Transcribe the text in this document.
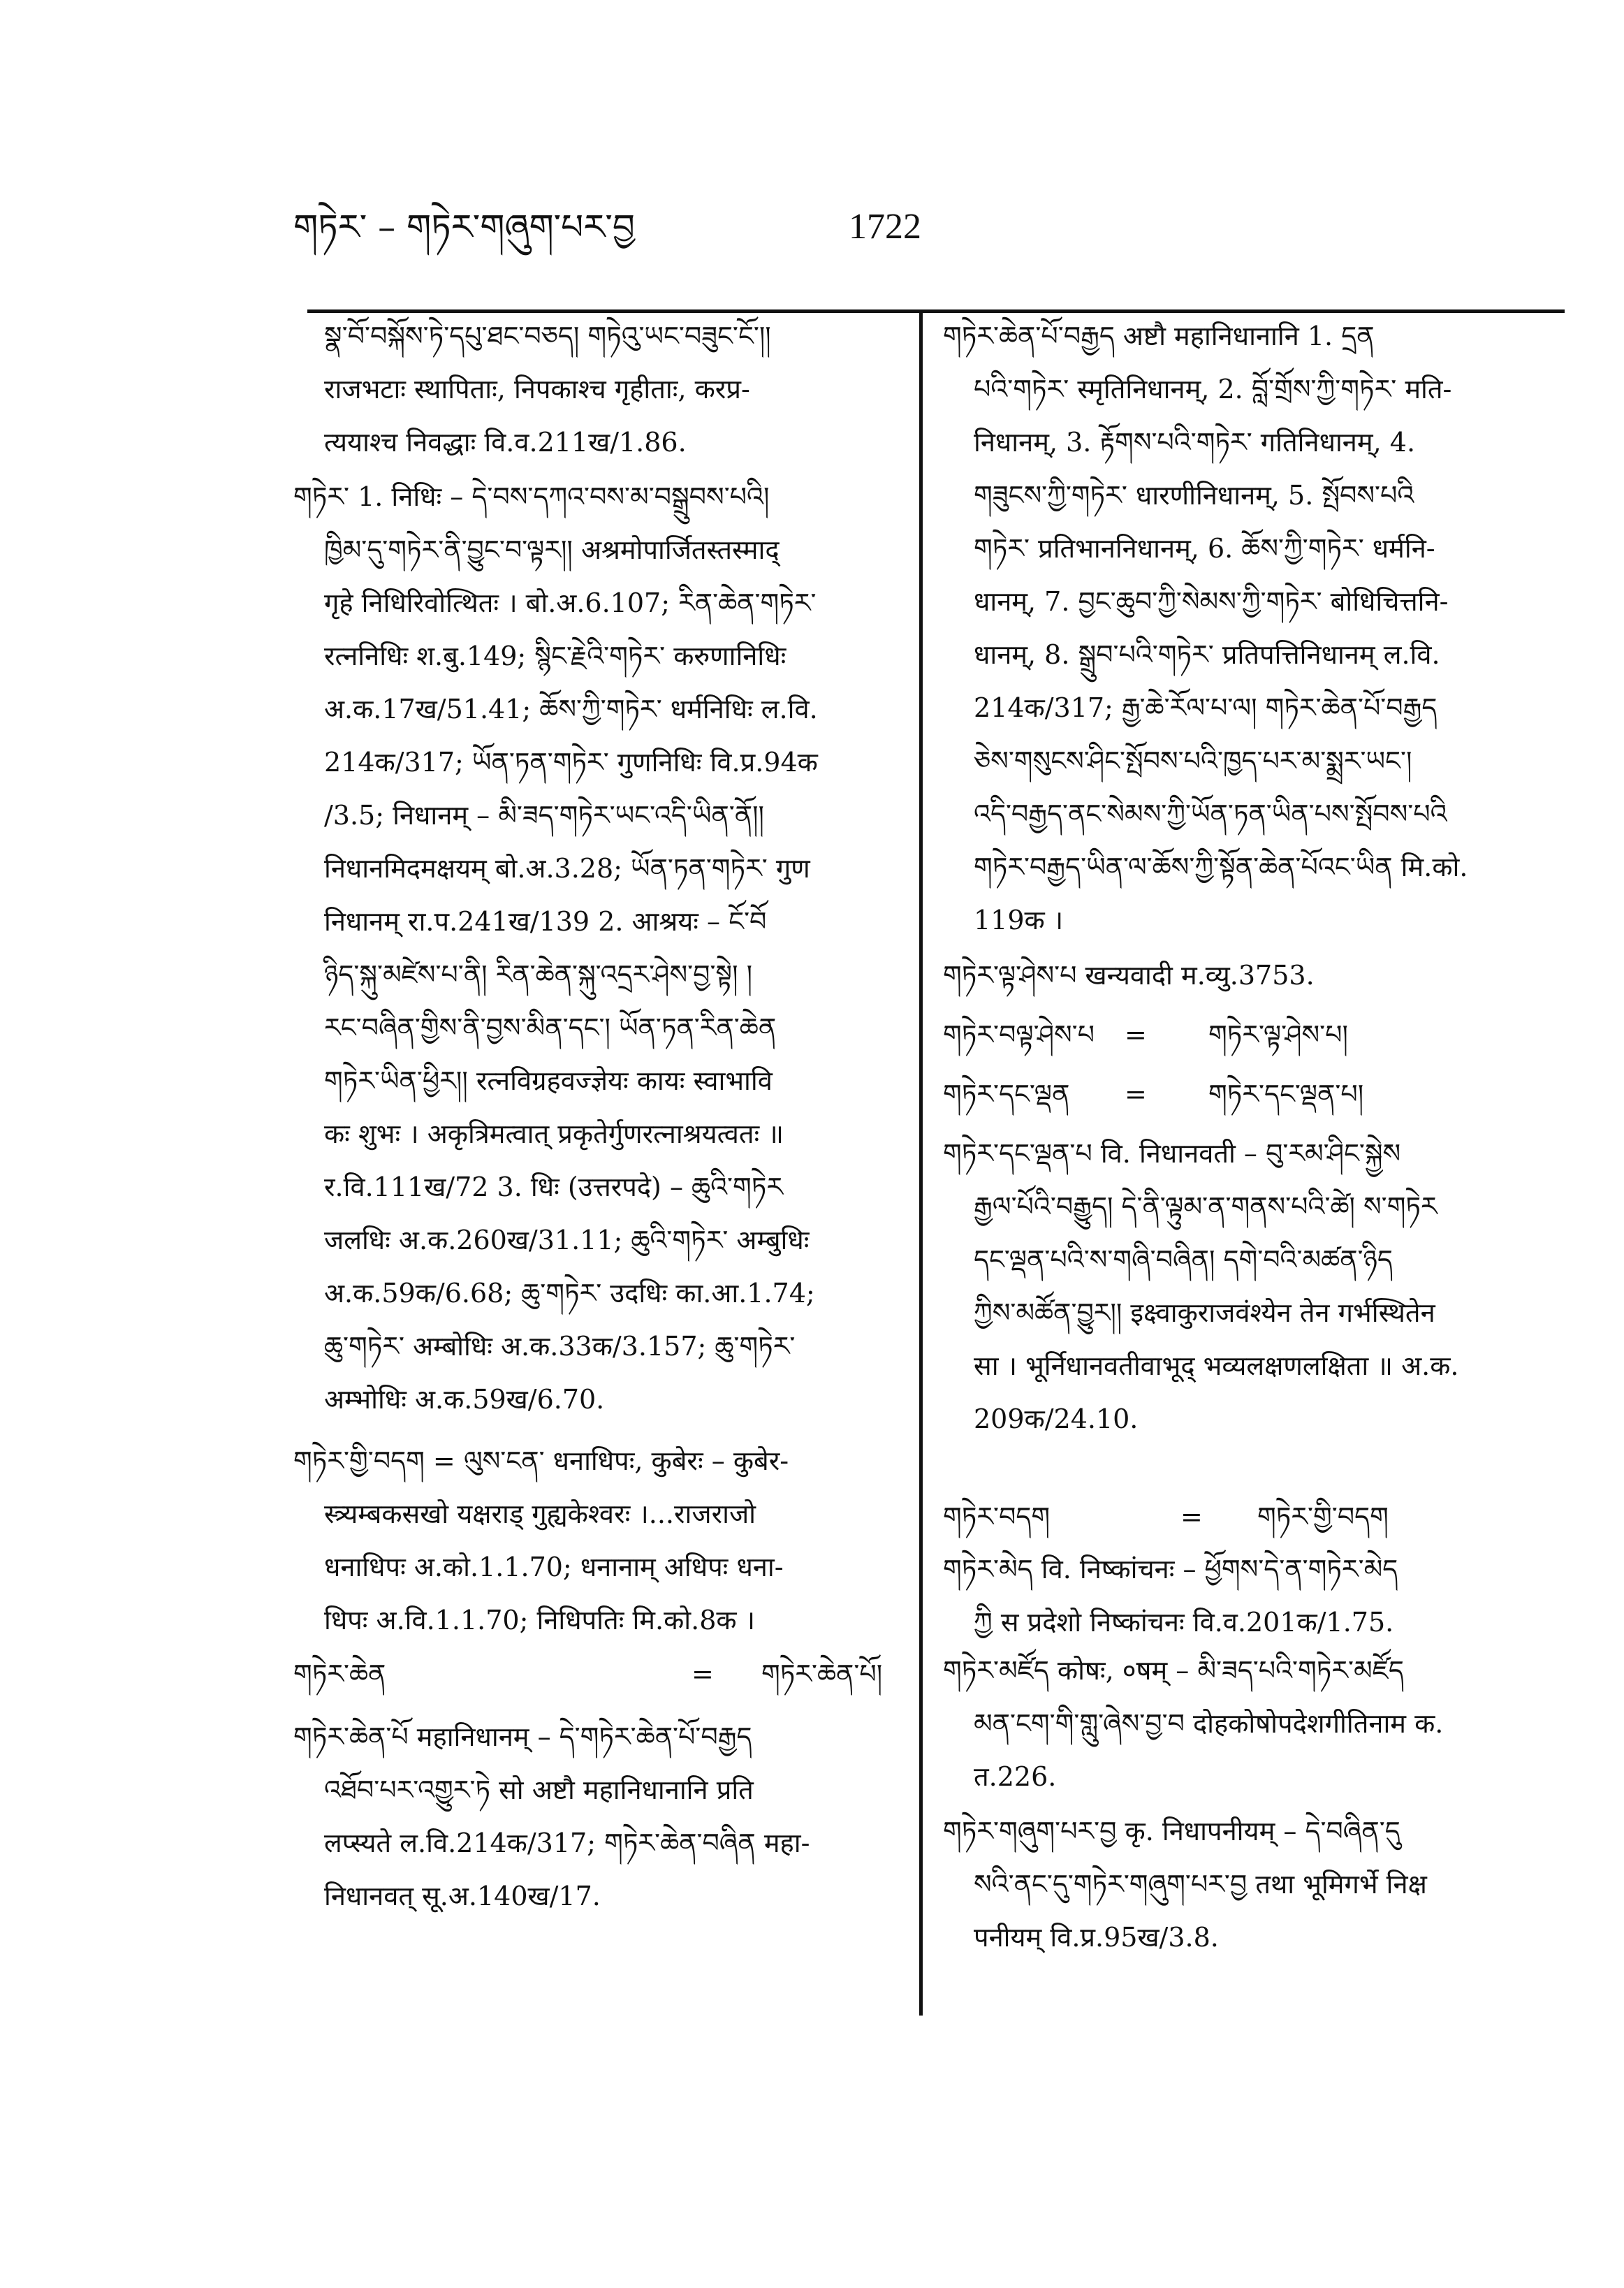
གཏེར་ – གཏེར་གཞུག་པར་བྱ	1722
སྣ་བོ་བསྐོས་ཏེ་དཔུ་ཐང་བཅད། གཏེའུ་ཡང་བཟུང་ངོ་།།
राजभटाः स्थापिताः, निपकाश्च गृहीताः, करप्र-
त्ययाश्च निवद्धाः वि.व.211ख/1.86.
གཏེར་ 1. निधिः – དེ་བས་དཀའ་བས་མ་བསྒྲུབས་པའི།
ཁྱིམ་དུ་གཏེར་ནི་བྱུང་བ་ལྟར།། अश्रमोपार्जितस्तस्माद्
गृहे निधिरिवोत्थितः । बो.अ.6.107; རིན་ཆེན་གཏེར་
रत्ननिधिः श.बु.149; སྙིང་རྗེའི་གཏེར་ करुणानिधिः
अ.क.17ख/51.41; ཆོས་ཀྱི་གཏེར་ धर्मनिधिः ल.वि.
214क/317; ཡོན་ཏན་གཏེར་ गुणनिधिः वि.प्र.94क
/3.5; निधानम् – མི་ཟད་གཏེར་ཡང་འདི་ཡིན་ནོ།།
निधानमिदमक्षयम् बो.अ.3.28; ཡོན་ཏན་གཏེར་ गुण
निधानम् रा.प.241ख/139 2. आश्रयः – ངོ་བོ
ཉིད་སྐུ་མཛེས་པ་ནི། རིན་ཆེན་སྐུ་འདྲར་ཤེས་བྱ་སྟེ། །
རང་བཞིན་གྱིས་ནི་བྱས་མིན་དང་། ཡོན་ཏན་རིན་ཆེན
གཏེར་ཡིན་ཕྱིར།། रत्नविग्रहवज्ज्ञेयः कायः स्वाभावि
कः शुभः । अकृत्रिमत्वात् प्रकृतेर्गुणरत्नाश्रयत्वतः ॥
र.वि.111ख/72 3. धिः (उत्तरपदे) – ཆུའི་གཏེར
जलधिः अ.क.260ख/31.11; ཆུའི་གཏེར་ अम्बुधिः
अ.क.59क/6.68; ཆུ་གཏེར་ उदधिः का.आ.1.74;
ཆུ་གཏེར་ अम्बोधिः अ.क.33क/3.157; ཆུ་གཏེར་
अम्भोधिः अ.क.59ख/6.70.
གཏེར་གྱི་བདག = ལུས་ངན་ धनाधिपः, कुबेरः – कुबेर-
स्त्र्यम्बकसखो यक्षराड् गुह्यकेश्वरः ।...राजराजो
धनाधिपः अ.को.1.1.70; धनानाम् अधिपः धना-
धिपः अ.वि.1.1.70; निधिपतिः मि.को.8क ।
གཏེར་ཆེན	= གཏེར་ཆེན་པོ།
གཏེར་ཆེན་པོ महानिधानम् – དེ་གཏེར་ཆེན་པོ་བརྒྱད
འཐོབ་པར་འགྱུར་ཏེ सो अष्टौ महानिधानानि प्रति
लप्स्यते ल.वि.214क/317; གཏེར་ཆེན་བཞིན महा-
निधानवत् सू.अ.140ख/17.
གཏེར་ཆེན་པོ་བརྒྱད अष्टौ महानिधानानि 1. དྲན
པའི་གཏེར་ स्मृतिनिधानम्, 2. བློ་གྲོས་ཀྱི་གཏེར་ मति-
निधानम्, 3. རྟོགས་པའི་གཏེར་ गतिनिधानम्, 4.
གཟུངས་ཀྱི་གཏེར་ धारणीनिधानम्, 5. སྤོབས་པའི
གཏེར་ प्रतिभाननिधानम्, 6. ཆོས་ཀྱི་གཏེར་ धर्मनि-
धानम्, 7. བྱང་ཆུབ་ཀྱི་སེམས་ཀྱི་གཏེར་ बोधिचित्तनि-
धानम्, 8. སྒྲུབ་པའི་གཏེར་ प्रतिपत्तिनिधानम् ल.वि.
214क/317; རྒྱ་ཆེ་རོལ་པ་ལ། གཏེར་ཆེན་པོ་བརྒྱད
ཅེས་གསུངས་ཤིང་སྤོབས་པའི་ཁྱད་པར་མ་སྨྲར་ཡང་།
འདི་བརྒྱད་ནང་སེམས་ཀྱི་ཡོན་ཏན་ཡིན་པས་སྤོབས་པའི
གཏེར་བརྒྱད་ཡིན་ལ་ཆོས་ཀྱི་སྟོན་ཆེན་པོའང་ཡིན मि.को.
119क ।
གཏེར་ལྟ་ཤེས་པ खन्यवादी म.व्यु.3753.
གཏེར་བལྟ་ཤེས་པ = གཏེར་ལྟ་ཤེས་པ།
གཏེར་དང་ལྡན = གཏེར་དང་ལྡན་པ།
གཏེར་དང་ལྡན་པ वि. निधानवती – བུ་རམ་ཤིང་སྐྱེས
རྒྱལ་པོའི་བརྒྱུད། དེ་ནི་ལྟུམ་ན་གནས་པའི་ཚེ། ས་གཏེར
དང་ལྡན་པའི་ས་གཞི་བཞིན། དགེ་བའི་མཚན་ཉིད
ཀྱིས་མཚོན་བྱུར།། इक्ष्वाकुराजवंश्येन तेन गर्भस्थितेन
सा । भूर्निधानवतीवाभूद् भव्यलक्षणलक्षिता ॥ अ.क.
209क/24.10.
གཏེར་བདག	= གཏེར་གྱི་བདག
གཏེར་མེད वि. निष्कांचनः – ཕྱོགས་དེ་ན་གཏེར་མེད
ཀྱི स प्रदेशो निष्कांचनः वि.व.201क/1.75.
གཏེར་མཛོད कोषः, ०षम् – མི་ཟད་པའི་གཏེར་མཛོད
མན་ངག་གི་གླུ་ཞེས་བྱ་བ दोहकोषोपदेशगीतिनाम क.
त.226.
གཏེར་གཞུག་པར་བྱ कृ. निधापनीयम् – དེ་བཞིན་དུ
སའི་ནང་དུ་གཏེར་གཞུག་པར་བྱ तथा भूमिगर्भे निक्ष
पनीयम् वि.प्र.95ख/3.8.
